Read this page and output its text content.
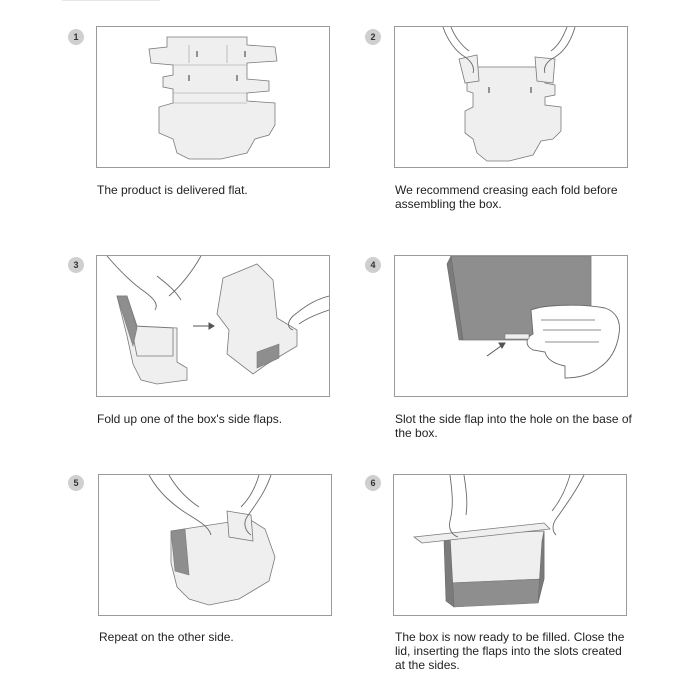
1

The product is delivered flat.

2

We recommend creasing each fold before assembling the box.

3

Fold up one of the box's side flaps.

4

Slot the side flap into the hole on the base of the box.

5

Repeat on the other side.

6

The box is now ready to be filled. Close the lid, inserting the flaps into the slots created at the sides.
